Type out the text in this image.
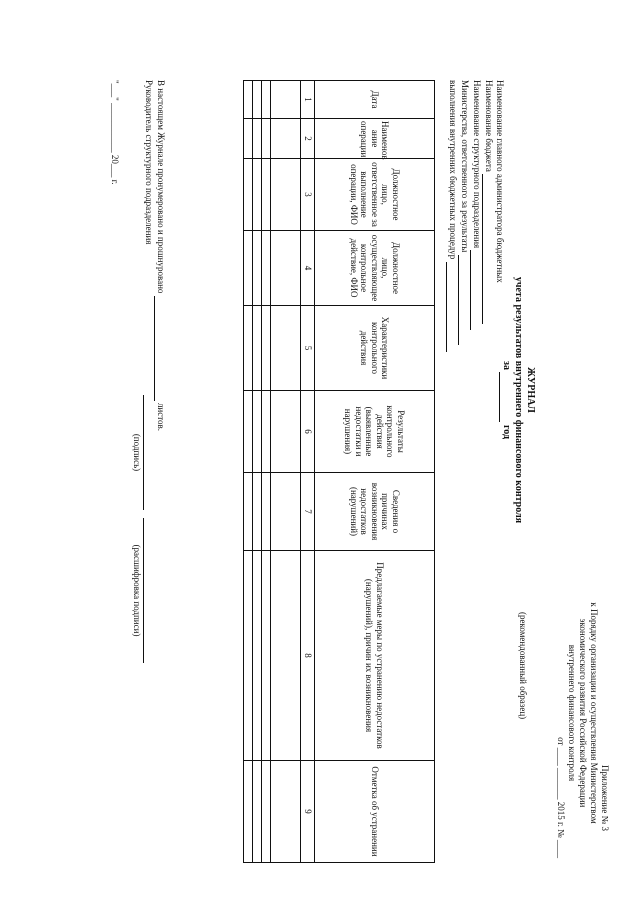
Приложение № 3
к Порядку организации и осуществления Министерством
экономического развития Российской Федерации
внутреннего финансового контроля
от ____ _______ 2015 г. № ____
(рекомендованный образец)
ЖУРНАЛ
учета результатов внутреннего финансового контроля
за   год
Наименование главного администратора бюджетных
Наименование бюджета
Наименование структурного подразделения
Министерства, ответственного за результаты
выполнения внутренних бюджетных процедур
Дата	Наименов ание операции	Должностное лицо, ответственное за выполнение операции, ФИО	Должностное лицо, осуществляющее контрольное действие, ФИО	Характеристики контрольного действия	Результаты контрольного действия (выявленные недостатки и нарушения)	Сведения о причинах возникновения недостатков (нарушений)	Предлагаемые меры по устранению недостатков (нарушений), причин их возникновения	Отметка об устранении
1	2	3	4	5	6	7	8	9

В настоящем Журнале пронумеровано и прошнуровано   листов.
Руководитель структурного подразделения
(подпись)
(расшифровка подписи)
"___" ___________ 20___ г.
